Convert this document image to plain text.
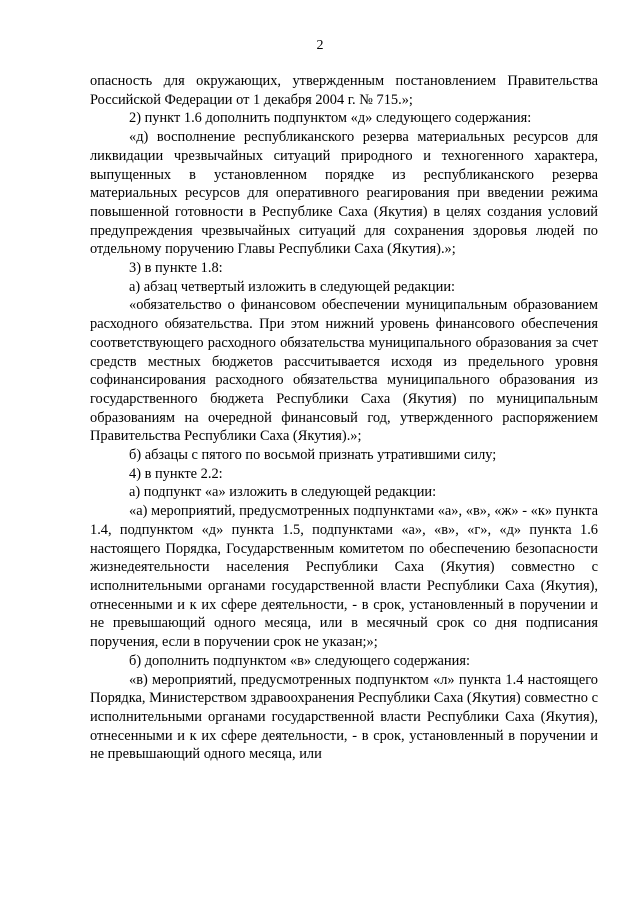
2

опасность для окружающих, утвержденным постановлением Правительства Российской Федерации от 1 декабря 2004 г. № 715.»;

2) пункт 1.6 дополнить подпунктом «д» следующего содержания:

«д) восполнение республиканского резерва материальных ресурсов для ликвидации чрезвычайных ситуаций природного и техногенного характера, выпущенных в установленном порядке из республиканского резерва материальных ресурсов для оперативного реагирования при введении режима повышенной готовности в Республике Саха (Якутия) в целях создания условий предупреждения чрезвычайных ситуаций для сохранения здоровья людей по отдельному поручению Главы Республики Саха (Якутия).»;

3) в пункте 1.8:

а) абзац четвертый изложить в следующей редакции:

«обязательство о финансовом обеспечении муниципальным образованием расходного обязательства. При этом нижний уровень финансового обеспечения соответствующего расходного обязательства муниципального образования за счет средств местных бюджетов рассчитывается исходя из предельного уровня софинансирования расходного обязательства муниципального образования из государственного бюджета Республики Саха (Якутия) по муниципальным образованиям на очередной финансовый год, утвержденного распоряжением Правительства Республики Саха (Якутия).»;

б) абзацы с пятого по восьмой признать утратившими силу;

4) в пункте 2.2:

а) подпункт «а» изложить в следующей редакции:

«а) мероприятий, предусмотренных подпунктами «а», «в», «ж» - «к» пункта 1.4, подпунктом «д» пункта 1.5, подпунктами «а», «в», «г», «д» пункта 1.6 настоящего Порядка, Государственным комитетом по обеспечению безопасности жизнедеятельности населения Республики Саха (Якутия) совместно с исполнительными органами государственной власти Республики Саха (Якутия), отнесенными и к их сфере деятельности, - в срок, установленный в поручении и не превышающий одного месяца, или в месячный срок со дня подписания поручения, если в поручении срок не указан;»;

б) дополнить подпунктом «в» следующего содержания:

«в) мероприятий, предусмотренных подпунктом «л» пункта 1.4 настоящего Порядка, Министерством здравоохранения Республики Саха (Якутия) совместно с исполнительными органами государственной власти Республики Саха (Якутия), отнесенными и к их сфере деятельности, - в срок, установленный в поручении и не превышающий одного месяца, или
